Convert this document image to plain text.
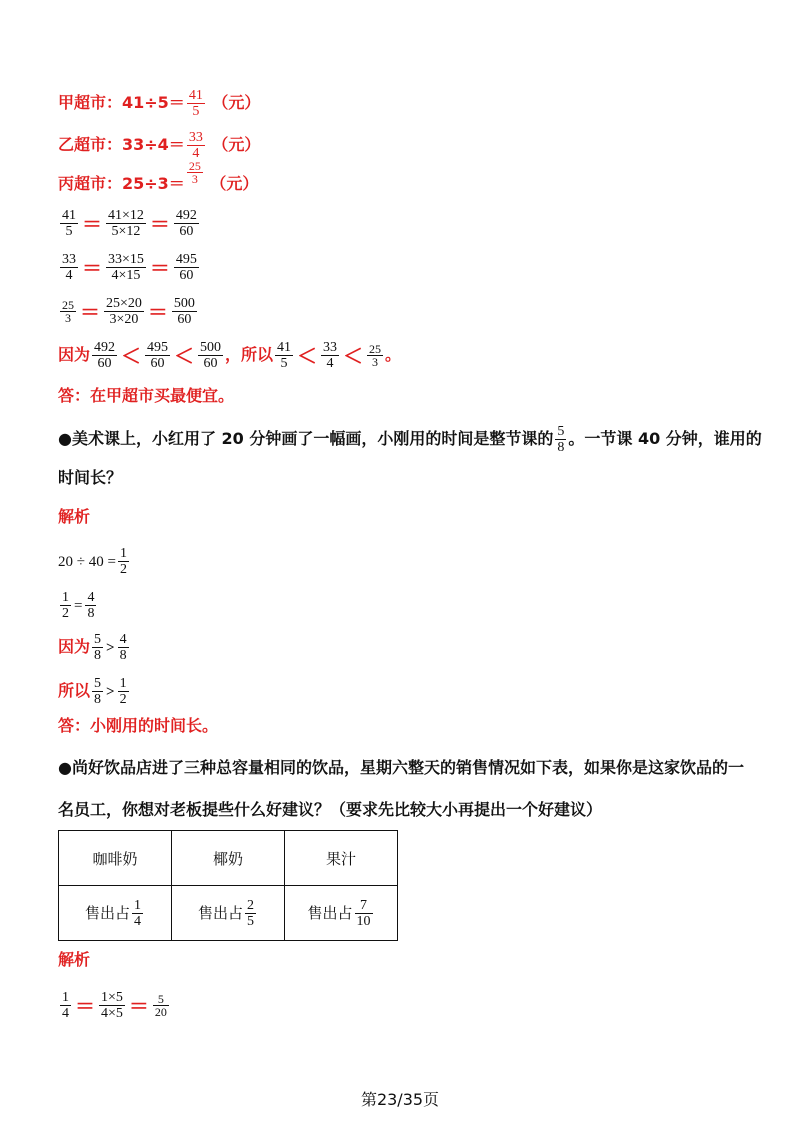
甲超市：$41\div 5= \frac{41}{5}$ （元）
乙超市：$33\div 4= \frac{33}{4}$ （元）
丙超市：$25\div 3= \frac{25}{3}$ （元）
$\frac{41}{5} = \frac{41\times 12}{5\times 12} = \frac{492}{60}$
$\frac{33}{4} = \frac{33\times 15}{4\times 15} = \frac{495}{60}$
$\frac{25}{3} = \frac{25\times 20}{3\times 20} = \frac{500}{60}$
因为 $\frac{492}{60} < \frac{495}{60} < \frac{500}{60}$ ，所以 $\frac{41}{5} < \frac{33}{4} < \frac{25}{3}$ 。
答：在甲超市买最便宜。
●美术课上，小红用了 20 分钟画了一幅画，小刚用的时间是整节课的 $\frac{5}{8}$ 。一节课 40 分钟，谁用的
时间长？
解析
$20 \div 40 = \frac{1}{2}$
$\frac{1}{2} = \frac{4}{8}$
因为 $\frac{5}{8} > \frac{4}{8}$
所以 $\frac{5}{8} > \frac{1}{2}$
答：小刚用的时间长。
●尚好饮品店进了三种总容量相同的饮品，星期六整天的销售情况如下表，如果你是这家饮品的一
名员工，你想对老板提些什么好建议？（要求先比较大小再提出一个好建议）
咖啡奶	椰奶	果汁
售出占 $\frac{1}{4}$	售出占 $\frac{2}{5}$	售出占 $\frac{7}{10}$
解析
$\frac{1}{4} = \frac{1\times 5}{4\times 5} = \frac{5}{20}$
第23/35页
